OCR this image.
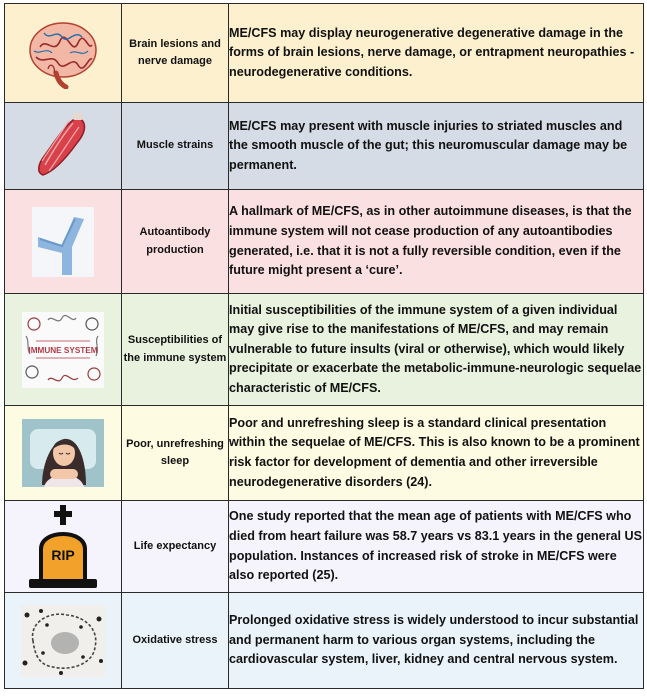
	Brain lesions and nerve damage	ME/CFS may display neurogenerative degenerative damage in the forms of brain lesions, nerve damage, or entrapment neuropathies - neurodegenerative conditions.

	Muscle strains	ME/CFS may present with muscle injuries to striated muscles and the smooth muscle of the gut; this neuromuscular damage may be permanent.

	Autoantibody production	A hallmark of ME/CFS, as in other autoimmune diseases, is that the immune system will not cease production of any autoantibodies generated, i.e. that it is not a fully reversible condition, even if the future might present a ‘cure’.

IMMUNE SYSTEM	Susceptibilities of the immune system	Initial susceptibilities of the immune system of a given individual may give rise to the manifestations of ME/CFS, and may remain vulnerable to future insults (viral or otherwise), which would likely precipitate or exacerbate the metabolic-immune-neurologic sequelae characteristic of ME/CFS.

	Poor, unrefreshing sleep	Poor and unrefreshing sleep is a standard clinical presentation within the sequelae of ME/CFS. This is also known to be a prominent risk factor for development of dementia and other irreversible neurodegenerative disorders (24).

RIP	Life expectancy	One study reported that the mean age of patients with ME/CFS who died from heart failure was 58.7 years vs 83.1 years in the general US population. Instances of increased risk of stroke in ME/CFS were also reported (25).

	Oxidative stress	Prolonged oxidative stress is widely understood to incur substantial and permanent harm to various organ systems, including the cardiovascular system, liver, kidney and central nervous system.
